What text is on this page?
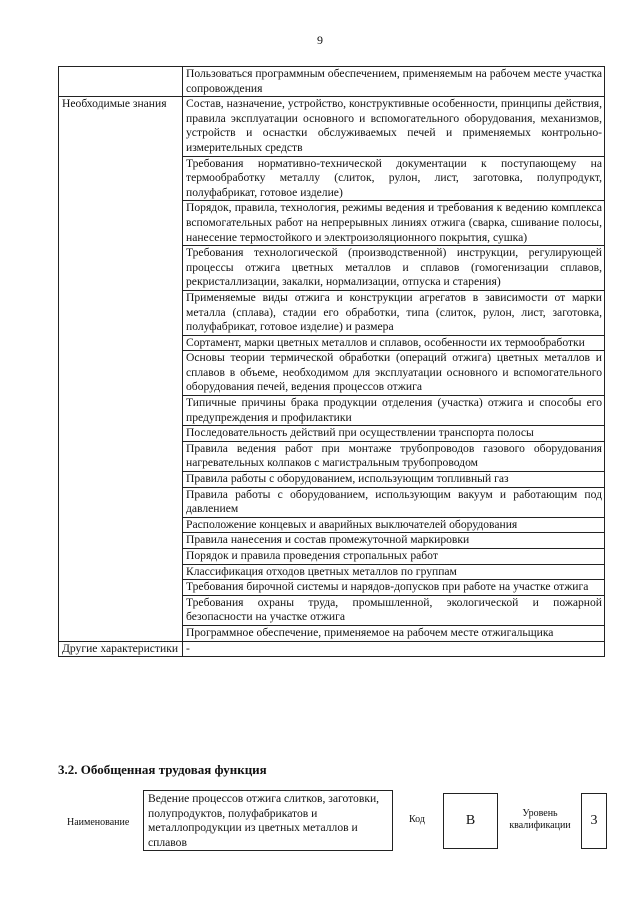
9
	Пользоваться программным обеспечением, применяемым на рабочем месте участка сопровождения
Необходимые знания	Состав, назначение, устройство, конструктивные особенности, принципы действия, правила эксплуатации основного и вспомогательного оборудования, механизмов, устройств и оснастки обслуживаемых печей и применяемых контрольно-измерительных средств
	Требования нормативно-технической документации к поступающему на термообработку металлу (слиток, рулон, лист, заготовка, полупродукт, полуфабрикат, готовое изделие)
	Порядок, правила, технология, режимы ведения и требования к ведению комплекса вспомогательных работ на непрерывных линиях отжига (сварка, сшивание полосы, нанесение термостойкого и электроизоляционного покрытия, сушка)
	Требования технологической (производственной) инструкции, регулирующей процессы отжига цветных металлов и сплавов (гомогенизации сплавов, рекристаллизации, закалки, нормализации, отпуска и старения)
	Применяемые виды отжига и конструкции агрегатов в зависимости от марки металла (сплава), стадии его обработки, типа (слиток, рулон, лист, заготовка, полуфабрикат, готовое изделие) и размера
	Сортамент, марки цветных металлов и сплавов, особенности их термообработки
	Основы теории термической обработки (операций отжига) цветных металлов и сплавов в объеме, необходимом для эксплуатации основного и вспомогательного оборудования печей, ведения процессов отжига
	Типичные причины брака продукции отделения (участка) отжига и способы его предупреждения и профилактики
	Последовательность действий при осуществлении транспорта полосы
	Правила ведения работ при монтаже трубопроводов газового оборудования нагревательных колпаков с магистральным трубопроводом
	Правила работы с оборудованием, использующим топливный газ
	Правила работы с оборудованием, использующим вакуум и работающим под давлением
	Расположение концевых и аварийных выключателей оборудования
	Правила нанесения и состав промежуточной маркировки
	Порядок и правила проведения стропальных работ
	Классификация отходов цветных металлов по группам
	Требования бирочной системы и нарядов-допусков при работе на участке отжига
	Требования охраны труда, промышленной, экологической и пожарной безопасности на участке отжига
	Программное обеспечение, применяемое на рабочем месте отжигальщика
Другие характеристики	-
3.2. Обобщенная трудовая функция
Наименование
Ведение процессов отжига слитков, заготовки, полупродуктов, полуфабрикатов и металлопродукции из цветных металлов и сплавов
Код	В	Уровень квалификации	3
